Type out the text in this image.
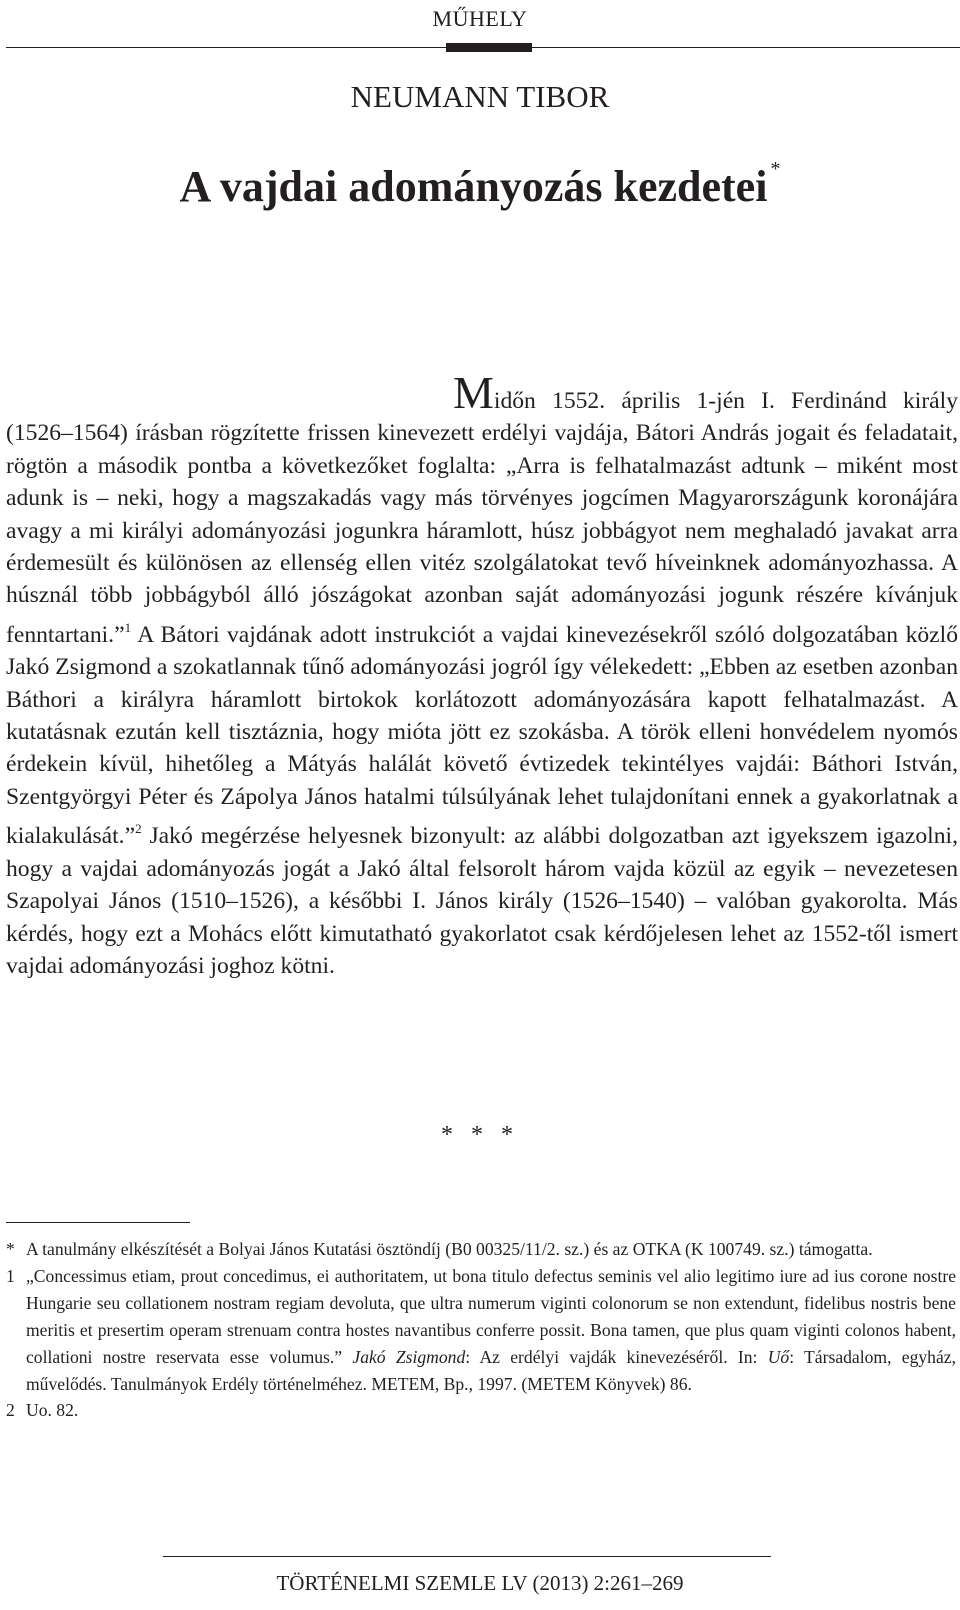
MŰHELY
NEUMANN TIBOR
A vajdai adományozás kezdetei *
Midőn 1552. április 1-jén I. Ferdinánd király (1526–1564) írásban rögzítette frissen kinevezett erdélyi vajdája, Bátori András jogait és feladatait, rögtön a második pontba a következőket foglalta: „Arra is felhatalmazást adtunk – miként most adunk is – neki, hogy a magszakadás vagy más törvényes jogcímen Magyarországunk koronájára avagy a mi királyi adományozási jogunkra háramlott, húsz jobbágyot nem meghaladó javakat arra érdemesült és különösen az ellenség ellen vitéz szolgálatokat tevő híveinknek adományozhassa. A húsznál több jobbágyból álló jószágokat azonban saját adományozási jogunk részére kívánjuk fenntartani.”$^1$ A Bátori vajdának adott instrukciót a vajdai kinevezésekről szóló dolgozatában közlő Jakó Zsigmond a szokatlannak tűnő adományozási jogról így vélekedett: „Ebben az esetben azonban Báthori a királyra háramlott birtokok korlátozott adományozására kapott felhatalmazást. A kutatásnak ezután kell tisztáznia, hogy mióta jött ez szokásba. A török elleni honvédelem nyomós érdekein kívül, hihetőleg a Mátyás halálát követő évtizedek tekintélyes vajdái: Báthori István, Szentgyörgyi Péter és Zápolya János hatalmi túlsúlyának lehet tulajdonítani ennek a gyakorlatnak a kialakulását.”$^2$ Jakó megérzése helyesnek bizonyult: az alábbi dolgozatban azt igyekszem igazolni, hogy a vajdai adományozás jogát a Jakó által felsorolt három vajda közül az egyik – nevezetesen Szapolyai János (1510–1526), a későbbi I. János király (1526–1540) – valóban gyakorolta. Más kérdés, hogy ezt a Mohács előtt kimutatható gyakorlatot csak kérdőjelesen lehet az 1552-től ismert vajdai adományozási joghoz kötni.
* * *
* A tanulmány elkészítését a Bolyai János Kutatási ösztöndíj (B0 00325/11/2. sz.) és az OTKA (K 100749. sz.) támogatta.
1 „Concessimus etiam, prout concedimus, ei authoritatem, ut bona titulo defectus seminis vel alio legitimo iure ad ius corone nostre Hungarie seu collationem nostram regiam devoluta, que ultra numerum viginti colonorum se non extendunt, fidelibus nostris bene meritis et presertim operam strenuam contra hostes navantibus conferre possit. Bona tamen, que plus quam viginti colonos habent, collationi nostre reservata esse volumus.” Jakó Zsigmond: Az erdélyi vajdák kinevezéséről. In: Uő: Társadalom, egyház, művelődés. Tanulmányok Erdély történelméhez. METEM, Bp., 1997. (METEM Könyvek) 86.
2 Uo. 82.
TÖRTÉNELMI SZEMLE LV (2013) 2:261–269
